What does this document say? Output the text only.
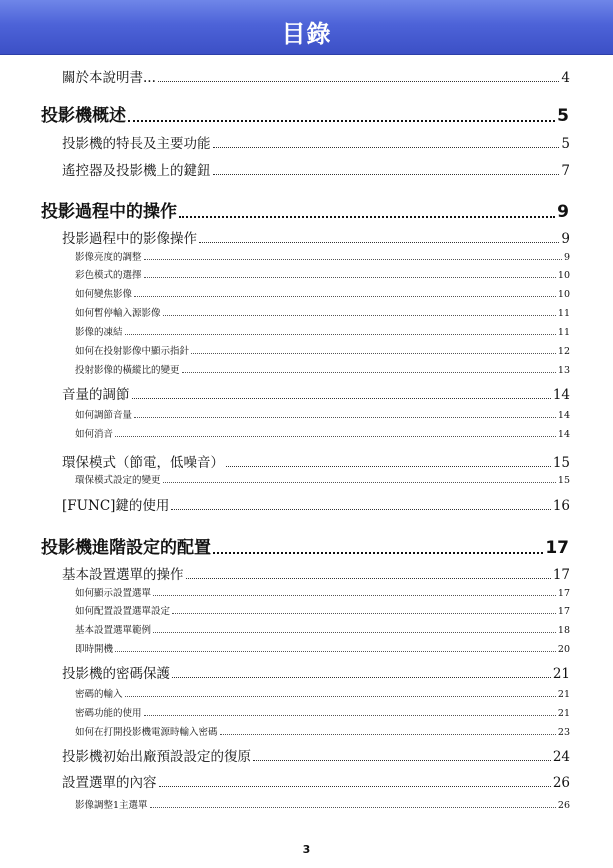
目錄
關於本說明書...	4
投影機概述	5
投影機的特長及主要功能	5
遙控器及投影機上的鍵鈕	7
投影過程中的操作	9
投影過程中的影像操作	9
影像亮度的調整	9
彩色模式的選擇	10
如何變焦影像	10
如何暫停輸入源影像	11
影像的凍結	11
如何在投射影像中顯示指針	12
投射影像的橫縱比的變更	13
音量的調節	14
如何調節音量	14
如何消音	14
環保模式（節電，低噪音）	15
環保模式設定的變更	15
[FUNC]鍵的使用	16
投影機進階設定的配置	17
基本設置選單的操作	17
如何顯示設置選單	17
如何配置設置選單設定	17
基本設置選單範例	18
即時開機	20
投影機的密碼保護	21
密碼的輸入	21
密碼功能的使用	21
如何在打開投影機電源時輸入密碼	23
投影機初始出廠預設設定的復原	24
設置選單的內容	26
影像調整1主選單	26
3
